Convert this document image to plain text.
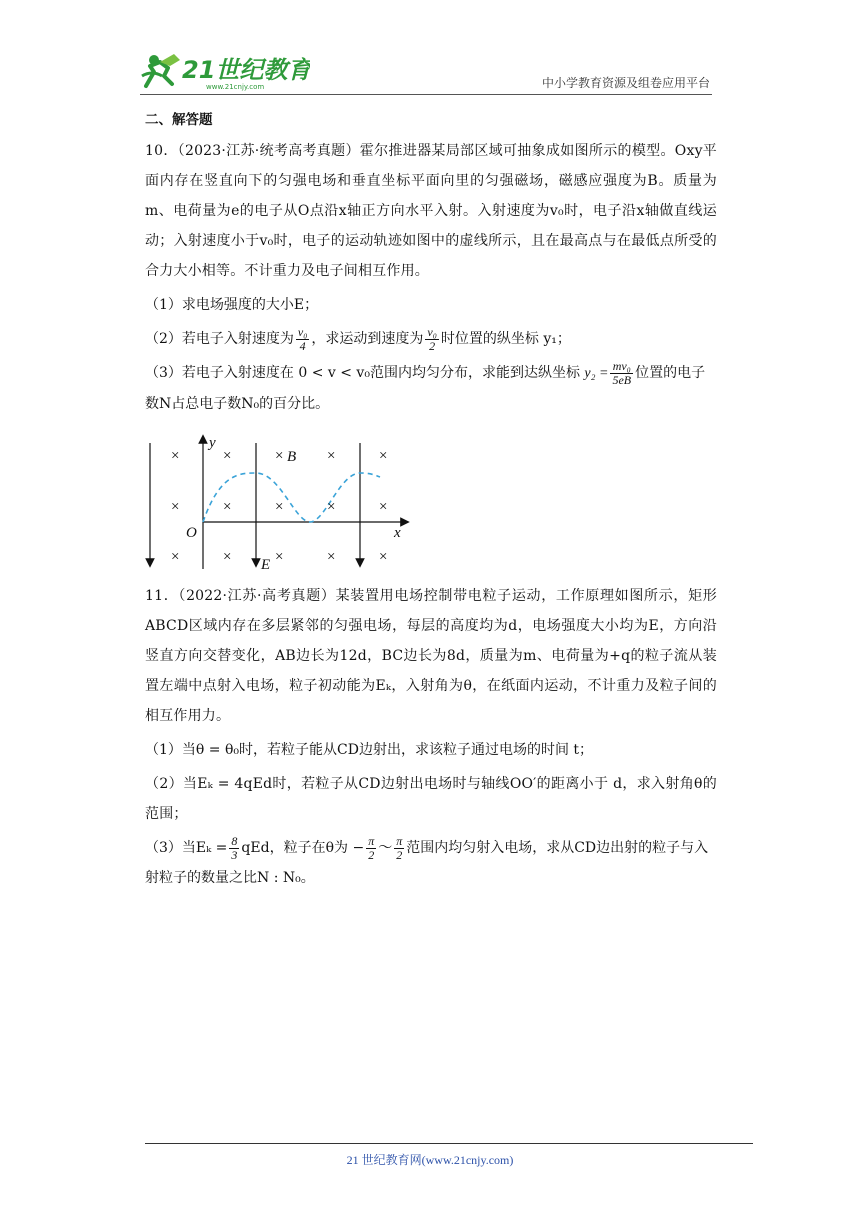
21世纪教育
www.21cnjy.com	中小学教育资源及组卷应用平台

二、解答题

10．（2023·江苏·统考高考真题）霍尔推进器某局部区域可抽象成如图所示的模型。Oxy平面内存在竖直向下的匀强电场和垂直坐标平面向里的匀强磁场，磁感应强度为B。质量为m、电荷量为e的电子从O点沿x轴正方向水平入射。入射速度为v₀时，电子沿x轴做直线运动；入射速度小于v₀时，电子的运动轨迹如图中的虚线所示，且在最高点与在最低点所受的合力大小相等。不计重力及电子间相互作用。

（1）求电场强度的大小E；

（2）若电子入射速度为 $\frac{\text{v₀}}{4}$ ，求运动到速度为 $\frac{\text{v₀}}{2}$ 时位置的纵坐标 y₁；

（3）若电子入射速度在 0 < v < v₀范围内均匀分布，求能到达纵坐标 $y_2 = \frac{\text{mv₀}}{5eB}$ 位置的电子数N占总电子数N₀的百分比。

×	×	×	×	×
×	×	×	×	×
×	×	×	×	×
y
x
O
B
E

11．（2022·江苏·高考真题）某装置用电场控制带电粒子运动，工作原理如图所示，矩形ABCD区域内存在多层紧邻的匀强电场，每层的高度均为d，电场强度大小均为E，方向沿竖直方向交替变化，AB边长为12d，BC边长为8d，质量为m、电荷量为+q的粒子流从装置左端中点射入电场，粒子初动能为Eₖ，入射角为θ，在纸面内运动，不计重力及粒子间的相互作用力。

（1）当θ = θ₀时，若粒子能从CD边射出，求该粒子通过电场的时间 t；

（2）当Eₖ = 4qEd时，若粒子从CD边射出电场时与轴线OO′的距离小于 d，求入射角θ的范围；

（3）当$E_k = \frac{8}{3}$ qEd，粒子在θ为 − $\frac{\pi}{2}$ ～ $\frac{\pi}{2}$ 范围内均匀射入电场，求从CD边出射的粒子与入射粒子的数量之比N : N₀。

21 世纪教育网(www.21cnjy.com)
